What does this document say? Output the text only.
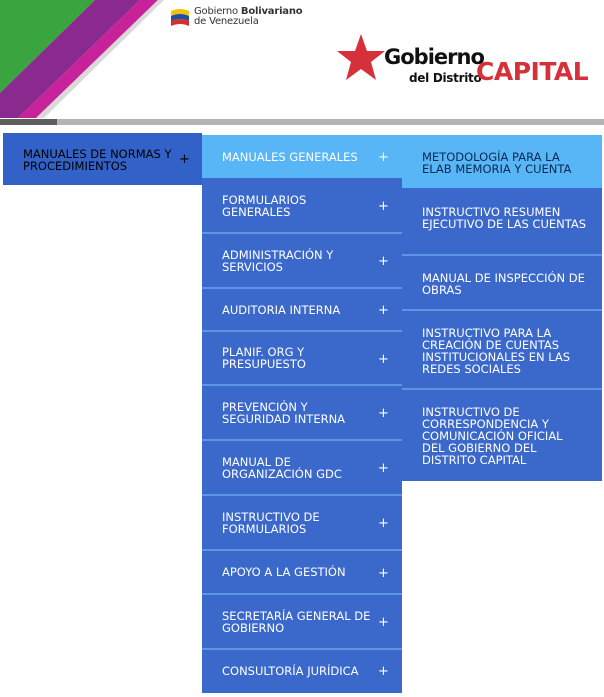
Gobierno Bolivariano
de Venezuela
Gobierno
del Distrito
CAPITAL
MANUALES DE NORMAS Y PROCEDIMIENTOS	+	MANUALES GENERALES	+
FORMULARIOS GENERALES	+
ADMINISTRACIÓN Y SERVICIOS	+
AUDITORIA INTERNA	+
PLANIF. ORG Y PRESUPUESTO	+
PREVENCIÓN Y SEGURIDAD INTERNA	+
MANUAL DE ORGANIZACIÓN GDC	+
INSTRUCTIVO DE FORMULARIOS	+
APOYO A LA GESTIÓN	+
SECRETARÍA GENERAL DE GOBIERNO	+
CONSULTORÍA JURÍDICA	+
METODOLOGÍA PARA LA ELAB MEMORIA Y CUENTA
INSTRUCTIVO RESUMEN EJECUTIVO DE LAS CUENTAS
MANUAL DE INSPECCIÓN DE OBRAS
INSTRUCTIVO PARA LA CREACIÓN DE CUENTAS INSTITUCIONALES EN LAS REDES SOCIALES
INSTRUCTIVO DE CORRESPONDENCIA Y COMUNICACIÓN OFICIAL DEL GOBIERNO DEL DISTRITO CAPITAL
